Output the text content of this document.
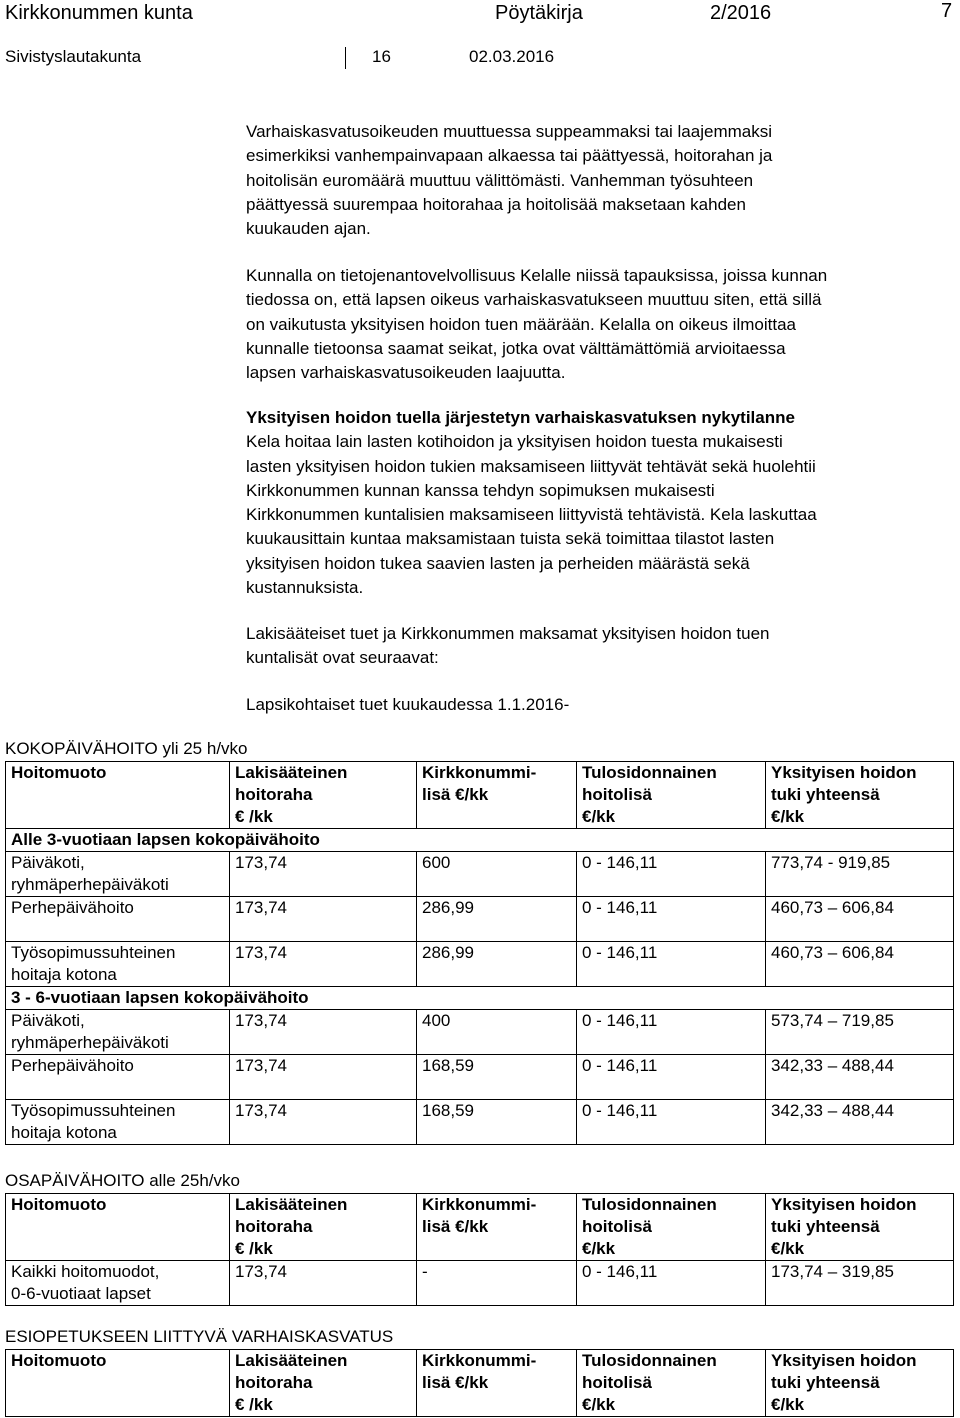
Kirkkonummen kunta	Pöytäkirja	2/2016	7
Sivistyslautakunta	16	02.03.2016

Varhaiskasvatusoikeuden muuttuessa suppeammaksi tai laajemmaksi

esimerkiksi vanhempainvapaan alkaessa tai päättyessä, hoitorahan ja

hoitolisän euromäärä muuttuu välittömästi. Vanhemman työsuhteen

päättyessä suurempaa hoitorahaa ja hoitolisää maksetaan kahden

kuukauden ajan.

Kunnalla on tietojenantovelvollisuus Kelalle niissä tapauksissa, joissa kunnan

tiedossa on, että lapsen oikeus varhaiskasvatukseen muuttuu siten, että sillä

on vaikutusta yksityisen hoidon tuen määrään. Kelalla on oikeus ilmoittaa

kunnalle tietoonsa saamat seikat, jotka ovat välttämättömiä arvioitaessa

lapsen varhaiskasvatusoikeuden laajuutta.

Yksityisen hoidon tuella järjestetyn varhaiskasvatuksen nykytilanne

Kela hoitaa lain lasten kotihoidon ja yksityisen hoidon tuesta mukaisesti

lasten yksityisen hoidon tukien maksamiseen liittyvät tehtävät sekä huolehtii

Kirkkonummen kunnan kanssa tehdyn sopimuksen mukaisesti

Kirkkonummen kuntalisien maksamiseen liittyvistä tehtävistä. Kela laskuttaa

kuukausittain kuntaa maksamistaan tuista sekä toimittaa tilastot lasten

yksityisen hoidon tukea saavien lasten ja perheiden määrästä sekä

kustannuksista.

Lakisääteiset tuet ja Kirkkonummen maksamat yksityisen hoidon tuen

kuntalisät ovat seuraavat:

Lapsikohtaiset tuet kuukaudessa 1.1.2016-

KOKOPÄIVÄHOITO yli 25 h/vko
Hoitomuoto	Lakisääteinen
hoitoraha
€ /kk	Kirkkonummi-
lisä €/kk	Tulosidonnainen
hoitolisä
€/kk	Yksityisen hoidon
tuki yhteensä
€/kk
Alle 3-vuotiaan lapsen kokopäivähoito				
Päiväkoti,
ryhmäperhepäiväkoti	173,74	600	0 - 146,11	773,74 - 919,85
Perhepäivähoito	173,74	286,99	0 - 146,11	460,73 – 606,84
Työsopimussuhteinen
hoitaja kotona	173,74	286,99	0 - 146,11	460,73 – 606,84
3 - 6-vuotiaan lapsen kokopäivähoito				
Päiväkoti,
ryhmäperhepäiväkoti	173,74	400	0 - 146,11	573,74 – 719,85
Perhepäivähoito	173,74	168,59	0 - 146,11	342,33 – 488,44
Työsopimussuhteinen
hoitaja kotona	173,74	168,59	0 - 146,11	342,33 – 488,44
OSAPÄIVÄHOITO alle 25h/vko
Hoitomuoto	Lakisääteinen
hoitoraha
€ /kk	Kirkkonummi-
lisä €/kk	Tulosidonnainen
hoitolisä
€/kk	Yksityisen hoidon
tuki yhteensä
€/kk
Kaikki hoitomuodot,
0-6-vuotiaat lapset	173,74	-	0 - 146,11	173,74 – 319,85
ESIOPETUKSEEN LIITTYVÄ VARHAISKASVATUS
Hoitomuoto	Lakisääteinen
hoitoraha
€ /kk	Kirkkonummi-
lisä €/kk	Tulosidonnainen
hoitolisä
€/kk	Yksityisen hoidon
tuki yhteensä
€/kk
